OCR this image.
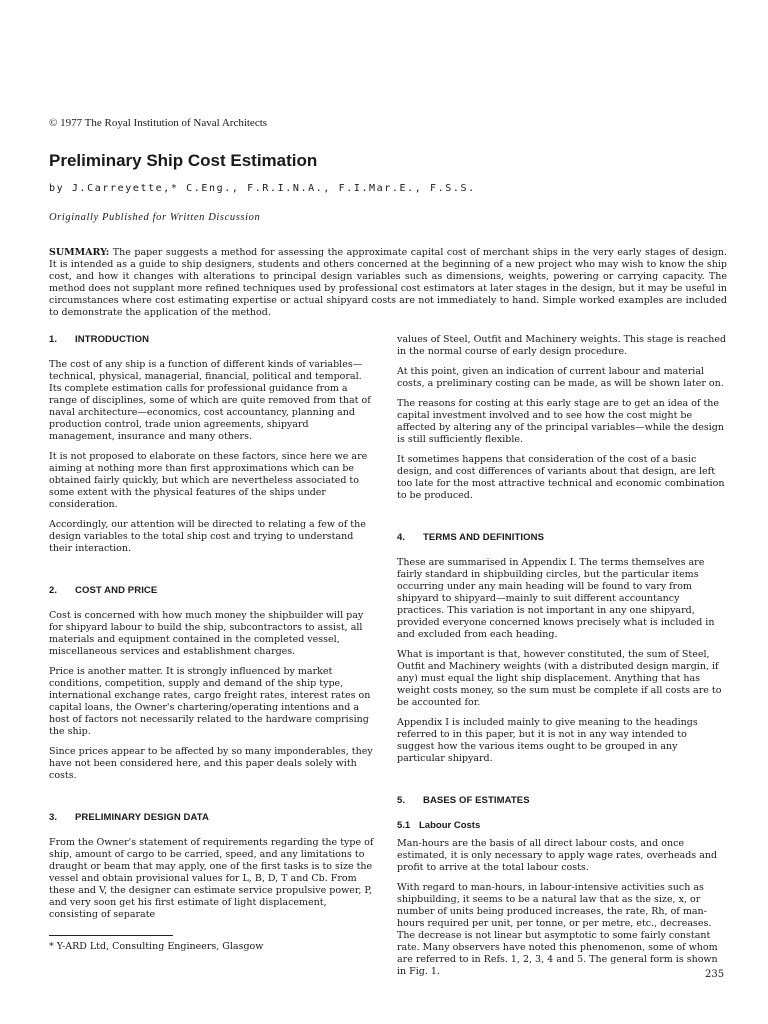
© 1977 The Royal Institution of Naval Architects
Preliminary Ship Cost Estimation
by J.Carreyette,* C.Eng., F.R.I.N.A., F.I.Mar.E., F.S.S.
Originally Published for Written Discussion
SUMMARY: The paper suggests a method for assessing the approximate capital cost of merchant ships in the very early stages of design. It is intended as a guide to ship designers, students and others concerned at the beginning of a new project who may wish to know the ship cost, and how it changes with alterations to principal design variables such as dimensions, weights, powering or carrying capacity. The method does not supplant more refined techniques used by professional cost estimators at later stages in the design, but it may be useful in circumstances where cost estimating expertise or actual shipyard costs are not immediately to hand. Simple worked examples are included to demonstrate the application of the method.
1. INTRODUCTION

The cost of any ship is a function of different kinds of variables—technical, physical, managerial, financial, political and temporal. Its complete estimation calls for professional guidance from a range of disciplines, some of which are quite removed from that of naval architecture—economics, cost accountancy, planning and production control, trade union agreements, shipyard management, insurance and many others.

It is not proposed to elaborate on these factors, since here we are aiming at nothing more than first approximations which can be obtained fairly quickly, but which are nevertheless associated to some extent with the physical features of the ships under consideration.

Accordingly, our attention will be directed to relating a few of the design variables to the total ship cost and trying to understand their interaction.

2. COST AND PRICE

Cost is concerned with how much money the shipbuilder will pay for shipyard labour to build the ship, subcontractors to assist, all materials and equipment contained in the completed vessel, miscellaneous services and establishment charges.

Price is another matter. It is strongly influenced by market conditions, competition, supply and demand of the ship type, international exchange rates, cargo freight rates, interest rates on capital loans, the Owner's chartering/operating intentions and a host of factors not necessarily related to the hardware comprising the ship.

Since prices appear to be affected by so many imponderables, they have not been considered here, and this paper deals solely with costs.

3. PRELIMINARY DESIGN DATA

From the Owner's statement of requirements regarding the type of ship, amount of cargo to be carried, speed, and any limitations to draught or beam that may apply, one of the first tasks is to size the vessel and obtain provisional values for L, B, D, T and Cb. From these and V, the designer can estimate service propulsive power, P, and very soon get his first estimate of light displacement, consisting of separate

* Y-ARD Ltd, Consulting Engineers, Glasgow

values of Steel, Outfit and Machinery weights. This stage is reached in the normal course of early design procedure.

At this point, given an indication of current labour and material costs, a preliminary costing can be made, as will be shown later on.

The reasons for costing at this early stage are to get an idea of the capital investment involved and to see how the cost might be affected by altering any of the principal variables—while the design is still sufficiently flexible.

It sometimes happens that consideration of the cost of a basic design, and cost differences of variants about that design, are left too late for the most attractive technical and economic combination to be produced.

4. TERMS AND DEFINITIONS

These are summarised in Appendix I. The terms themselves are fairly standard in shipbuilding circles, but the particular items occurring under any main heading will be found to vary from shipyard to shipyard—mainly to suit different accountancy practices. This variation is not important in any one shipyard, provided everyone concerned knows precisely what is included in and excluded from each heading.

What is important is that, however constituted, the sum of Steel, Outfit and Machinery weights (with a distributed design margin, if any) must equal the light ship displacement. Anything that has weight costs money, so the sum must be complete if all costs are to be accounted for.

Appendix I is included mainly to give meaning to the headings referred to in this paper, but it is not in any way intended to suggest how the various items ought to be grouped in any particular shipyard.

5. BASES OF ESTIMATES
5.1 Labour Costs

Man-hours are the basis of all direct labour costs, and once estimated, it is only necessary to apply wage rates, overheads and profit to arrive at the total labour costs.

With regard to man-hours, in labour-intensive activities such as shipbuilding, it seems to be a natural law that as the size, x, or number of units being produced increases, the rate, Rh, of man-hours required per unit, per tonne, or per metre, etc., decreases. The decrease is not linear but asymptotic to some fairly constant rate. Many observers have noted this phenomenon, some of whom are referred to in Refs. 1, 2, 3, 4 and 5. The general form is shown in Fig. 1.	235
